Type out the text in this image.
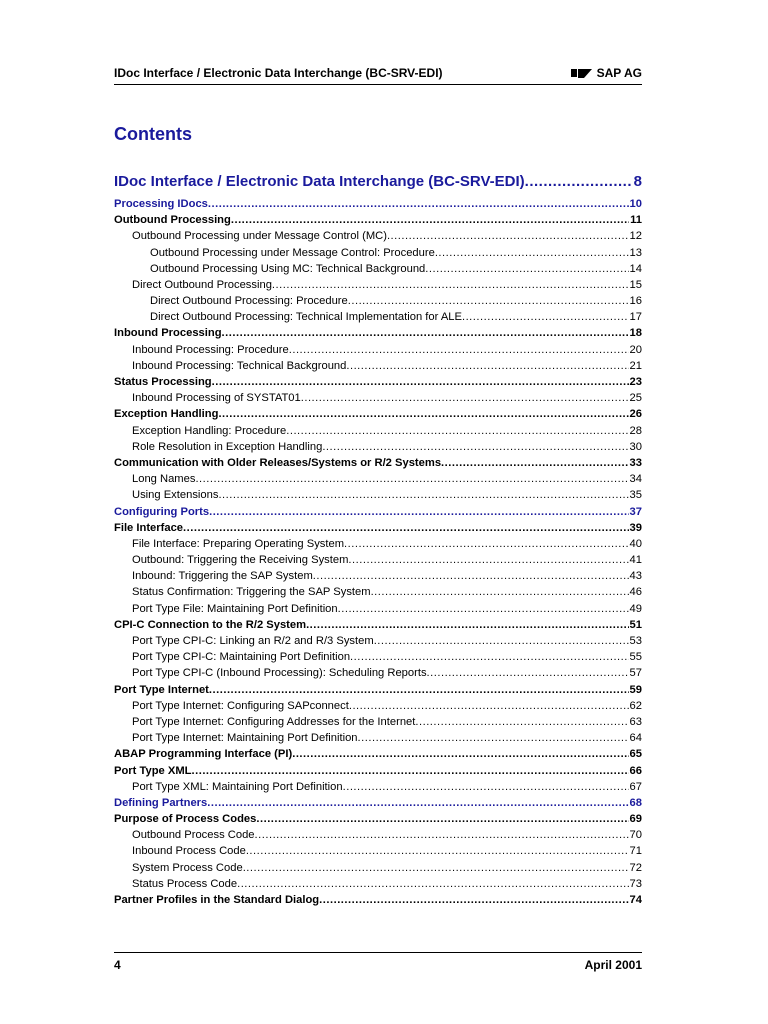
IDoc Interface / Electronic Data Interchange (BC-SRV-EDI)	SAP AG
Contents
IDoc Interface / Electronic Data Interchange (BC-SRV-EDI) .....	8
Processing IDocs .....	10
Outbound Processing .....	11
Outbound Processing under Message Control (MC) .....	12
Outbound Processing under Message Control: Procedure .....	13
Outbound Processing Using MC: Technical Background .....	14
Direct Outbound Processing .....	15
Direct Outbound Processing: Procedure .....	16
Direct Outbound Processing: Technical Implementation for ALE .....	17
Inbound Processing .....	18
Inbound Processing: Procedure .....	20
Inbound Processing: Technical Background .....	21
Status Processing .....	23
Inbound Processing of SYSTAT01 .....	25
Exception Handling .....	26
Exception Handling: Procedure .....	28
Role Resolution in Exception Handling .....	30
Communication with Older Releases/Systems or R/2 Systems .....	33
Long Names .....	34
Using Extensions .....	35
Configuring Ports .....	37
File Interface .....	39
File Interface: Preparing Operating System .....	40
Outbound: Triggering the Receiving System .....	41
Inbound: Triggering the SAP System .....	43
Status Confirmation: Triggering the SAP System .....	46
Port Type File: Maintaining Port Definition .....	49
CPI-C Connection to the R/2 System .....	51
Port Type CPI-C: Linking an R/2 and R/3 System .....	53
Port Type CPI-C: Maintaining Port Definition .....	55
Port Type CPI-C (Inbound Processing): Scheduling Reports .....	57
Port Type Internet .....	59
Port Type Internet: Configuring SAPconnect .....	62
Port Type Internet: Configuring Addresses for the Internet .....	63
Port Type Internet: Maintaining Port Definition .....	64
ABAP Programming Interface (PI) .....	65
Port Type XML .....	66
Port Type XML: Maintaining Port Definition .....	67
Defining Partners .....	68
Purpose of Process Codes .....	69
Outbound Process Code .....	70
Inbound Process Code .....	71
System Process Code .....	72
Status Process Code .....	73
Partner Profiles in the Standard Dialog .....	74
4	April 2001
